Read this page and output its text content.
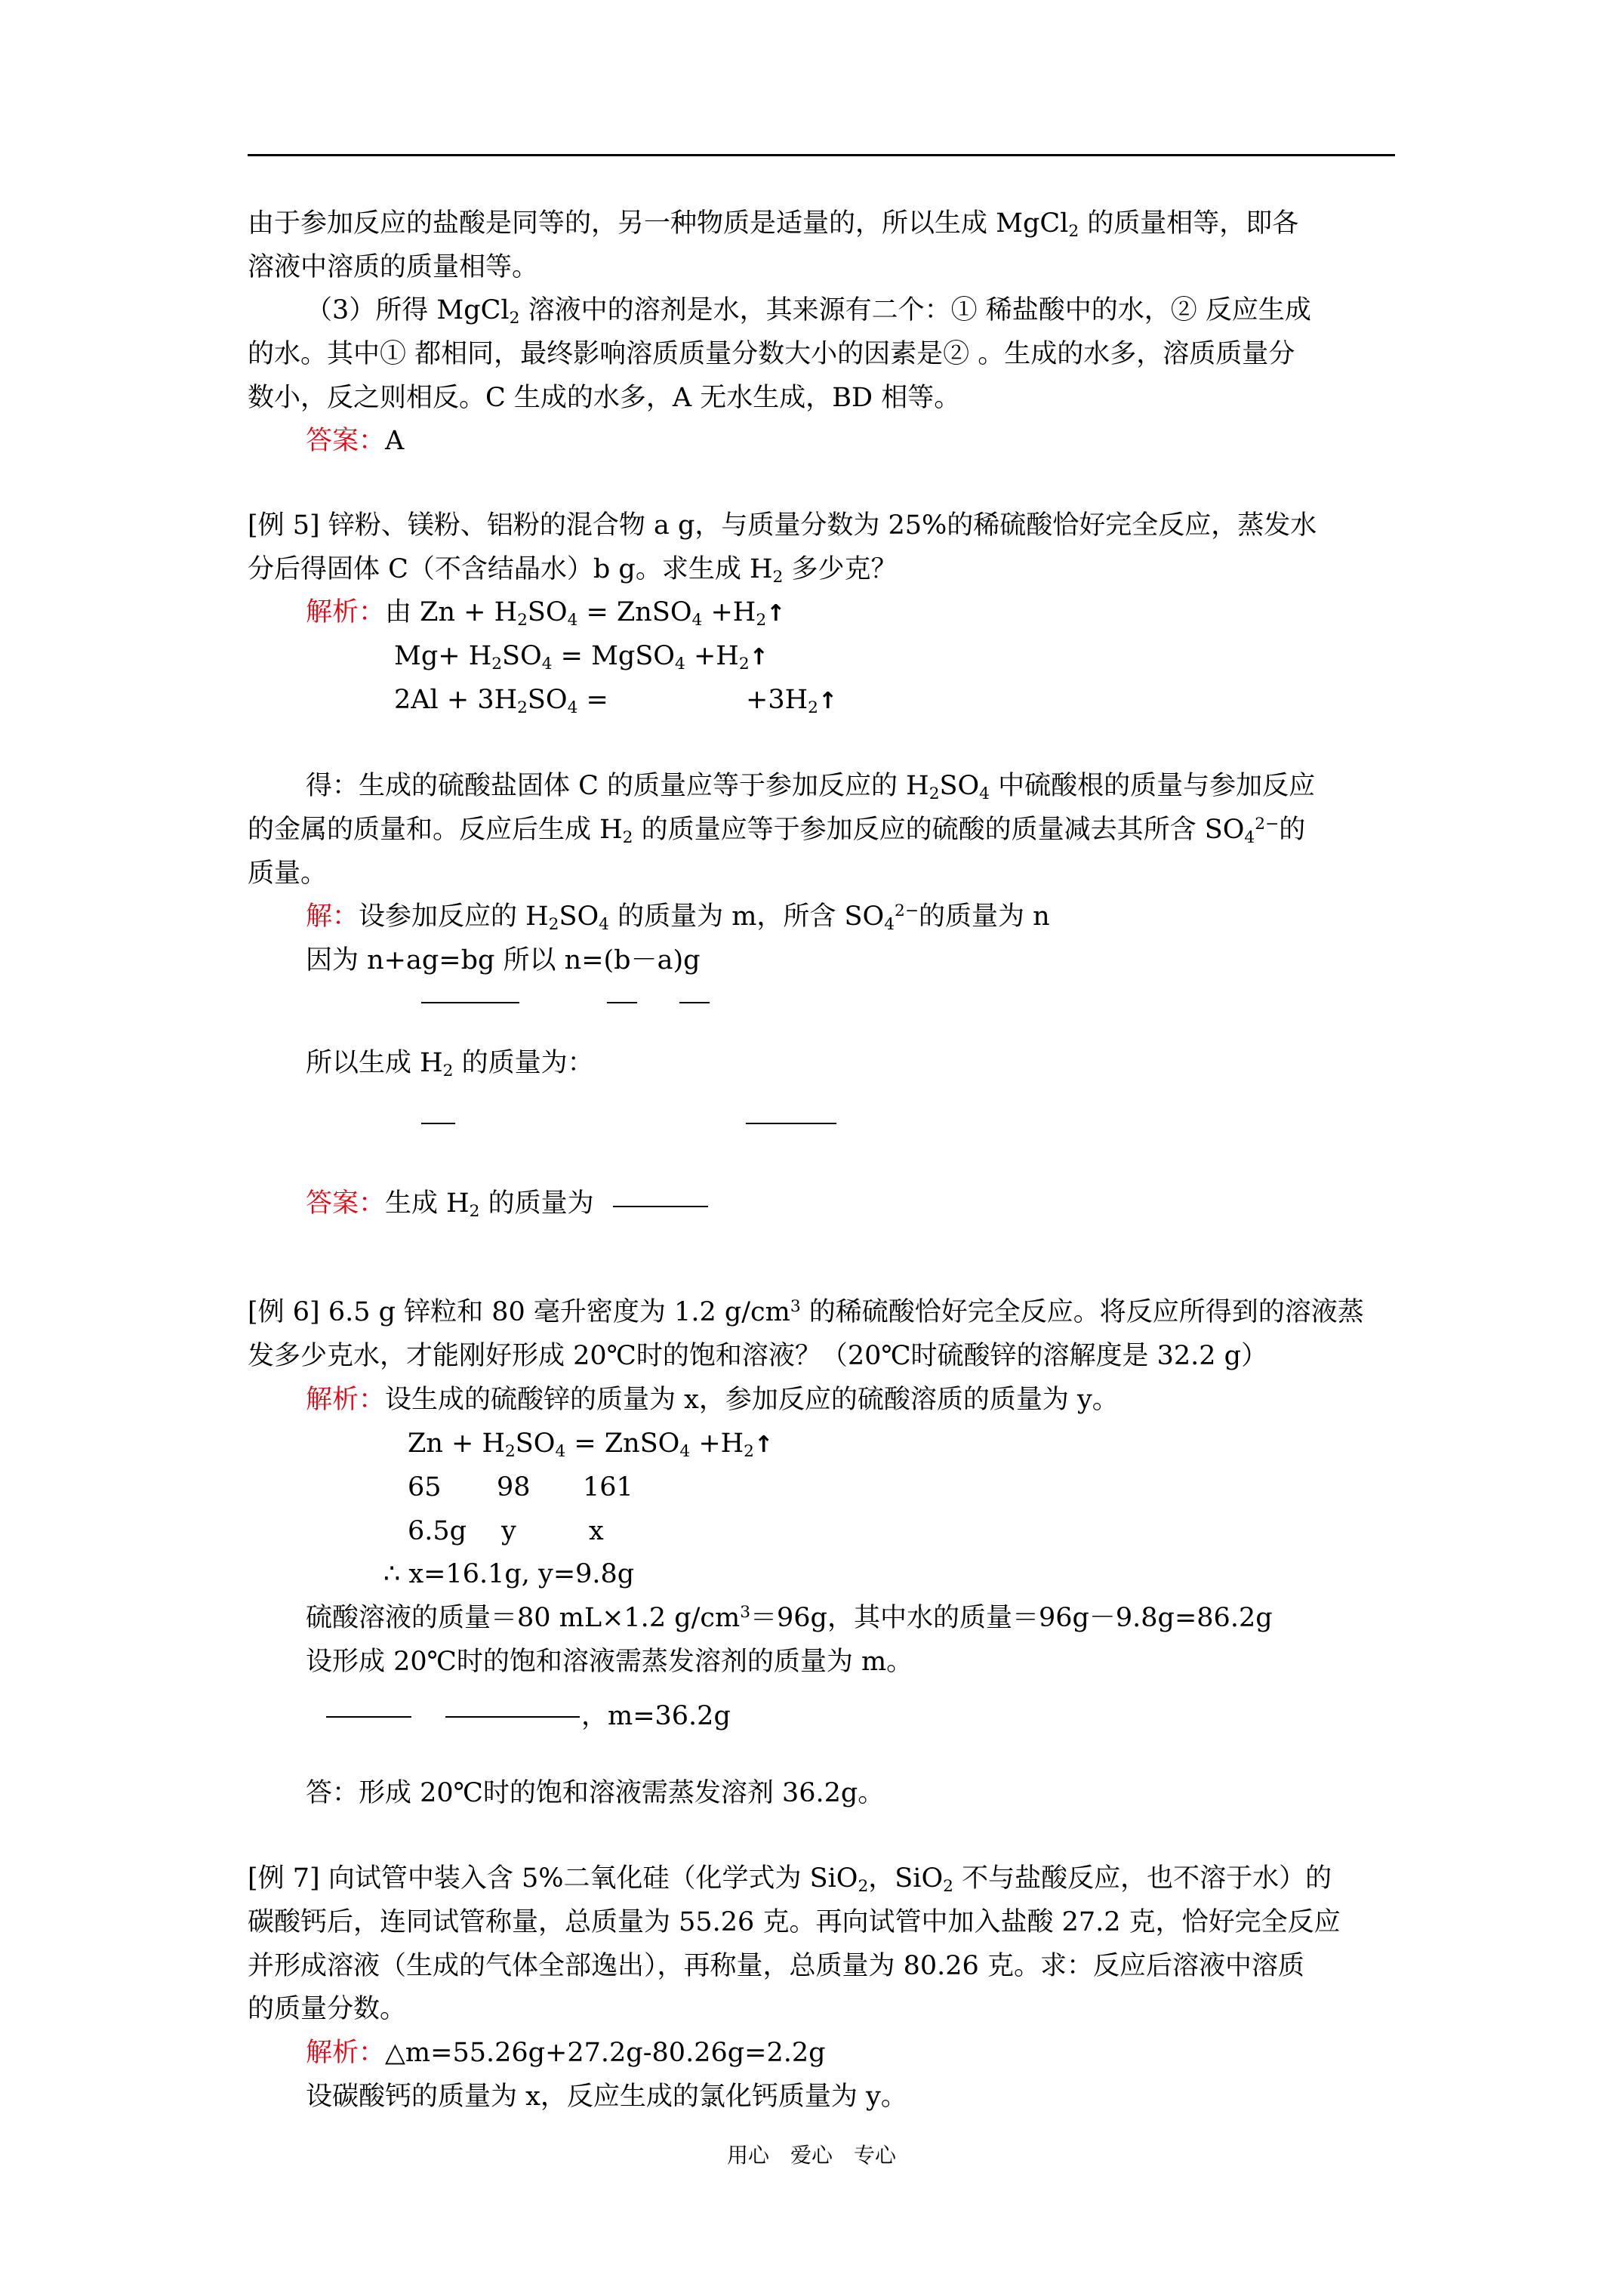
由于参加反应的盐酸是同等的，另一种物质是适量的，所以生成 MgCl$_2$ 的质量相等，即各
溶液中溶质的质量相等。
（3）所得 MgCl$_2$ 溶液中的溶剂是水，其来源有二个：① 稀盐酸中的水，② 反应生成
的水。其中① 都相同，最终影响溶质质量分数大小的因素是② 。生成的水多，溶质质量分
数小，反之则相反。C 生成的水多，A 无水生成，BD 相等。
答案：A
[例 5] 锌粉、镁粉、铝粉的混合物 a g，与质量分数为 25%的稀硫酸恰好完全反应，蒸发水
分后得固体 C（不含结晶水）b g。求生成 $H_2$ 多少克？
解析：由 $Zn + H_2SO_4$ = ZnSO$_4$ $+H_2↑$
$Mg+ H_2SO_4$ = MgSO$_4$ $+H_2↑$
$2Al + 3H_2SO_4$ =	$+3H_2↑$
得：生成的硫酸盐固体 C 的质量应等于参加反应的 $H_2SO_4$ 中硫酸根的质量与参加反应
的金属的质量和。反应后生成 $H_2$ 的质量应等于参加反应的硫酸的质量减去其所含 $SO_4^{2-}$的
质量。
解：设参加反应的 $H_2SO_4$ 的质量为 m，所含 $SO_4^{2-}$的质量为 n
因为 n+ag=bg 所以 n=(b－a)g
所以生成 $H_2$ 的质量为：
答案：生成 $H_2$ 的质量为
[例 6] 6.5 g 锌粒和 80 毫升密度为 1.2 $g/cm^3$ 的稀硫酸恰好完全反应。将反应所得到的溶液蒸
发多少克水，才能刚好形成 20℃时的饱和溶液？（20℃时硫酸锌的溶解度是 32.2 g）
解析：设生成的硫酸锌的质量为 x，参加反应的硫酸溶质的质量为 y。
$Zn + H_2SO_4$ = ZnSO$_4$ $+H_2↑$
65 98 161
6.5g y	x
∴ x=16.1g, y=9.8g
硫酸溶液的质量＝80 mL×1.2 $g/cm^3=96g$，其中水的质量＝96g－9.8g=86.2g
设形成 20℃时的饱和溶液需蒸发溶剂的质量为 m。
，m=36.2g
答：形成 20℃时的饱和溶液需蒸发溶剂 36.2g。
[例 7] 向试管中装入含 5%二氧化硅（化学式为 SiO$_2$，SiO$_2$ 不与盐酸反应，也不溶于水）的
碳酸钙后，连同试管称量，总质量为 55.26 克。再向试管中加入盐酸 27.2 克，恰好完全反应
并形成溶液（生成的气体全部逸出），再称量，总质量为 80.26 克。求：反应后溶液中溶质
的质量分数。
解析：△m=55.26g+27.2g-80.26g=2.2g
设碳酸钙的质量为 x，反应生成的氯化钙质量为 y。
用心 爱心 专心
